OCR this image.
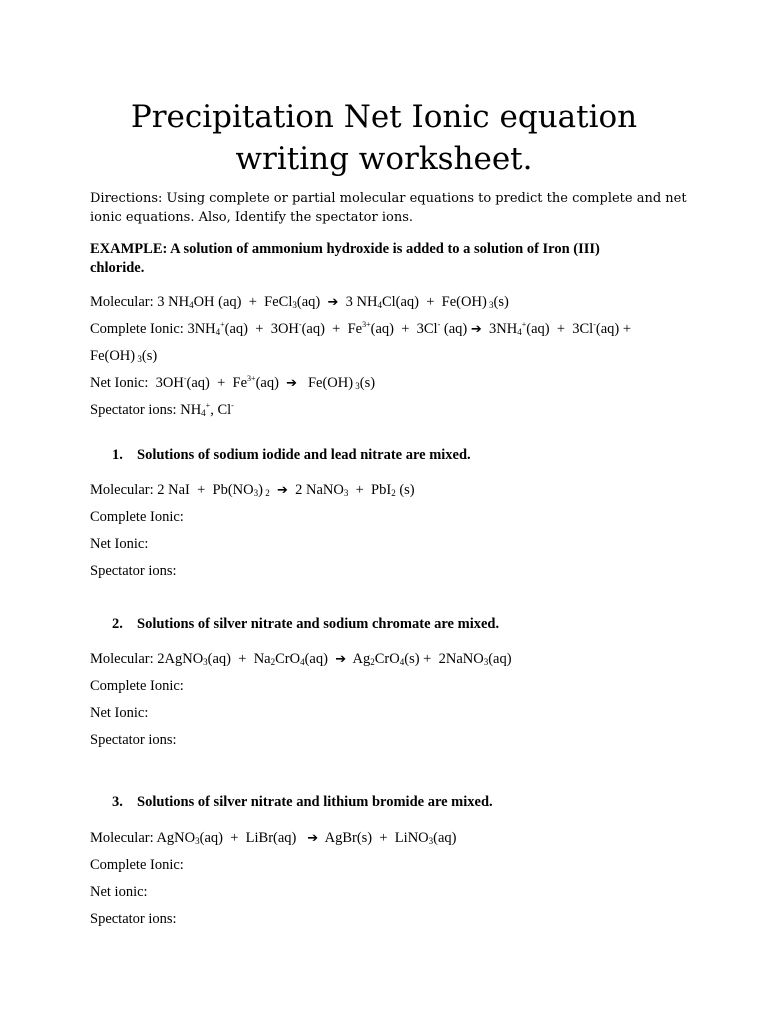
Precipitation Net Ionic equation
writing worksheet.
Directions: Using complete or partial molecular equations to predict the complete and net
ionic equations. Also, Identify the spectator ions.
EXAMPLE: A solution of ammonium hydroxide is added to a solution of Iron (III)
chloride.
Molecular: 3 $NH_4OH$ (aq)  +  FeCl$_3$(aq)  ➔  3 $NH_4Cl(aq) + Fe(OH)$ $_3$(s)
Complete Ionic: $3NH_4^+(aq) + 3OH^-(aq) + Fe^{3+}(aq) + 3Cl^-$ (aq) ➔  $3NH_4^+(aq) + 3Cl^-(aq)$ +
Fe(OH) $_3$(s)
Net Ionic:  $3OH^-(aq) + Fe^{3+}(aq)$  ➔   Fe(OH) $_3$(s)
Spectator ions: $NH_4^+$, Cl-
1. Solutions of sodium iodide and lead nitrate are mixed.
Molecular: 2 NaI  +  $Pb(NO_3)$ $_2$ ➔  2 NaNO$_3$  +  PbI$_2$ (s)
Complete Ionic:
Net Ionic:
Spectator ions:
2. Solutions of silver nitrate and sodium chromate are mixed.
Molecular: 2AgNO$_3$(aq)  +  $Na_2CrO_4(aq)$  ➔  $Ag_2CrO_4(s)$ +  2NaNO$_3$(aq)
Complete Ionic:
Net Ionic:
Spectator ions:
3. Solutions of silver nitrate and lithium bromide are mixed.
Molecular: AgNO$_3$(aq)  +  LiBr(aq)   ➔  AgBr(s)  +  LiNO$_3$(aq)
Complete Ionic:
Net ionic:
Spectator ions:
